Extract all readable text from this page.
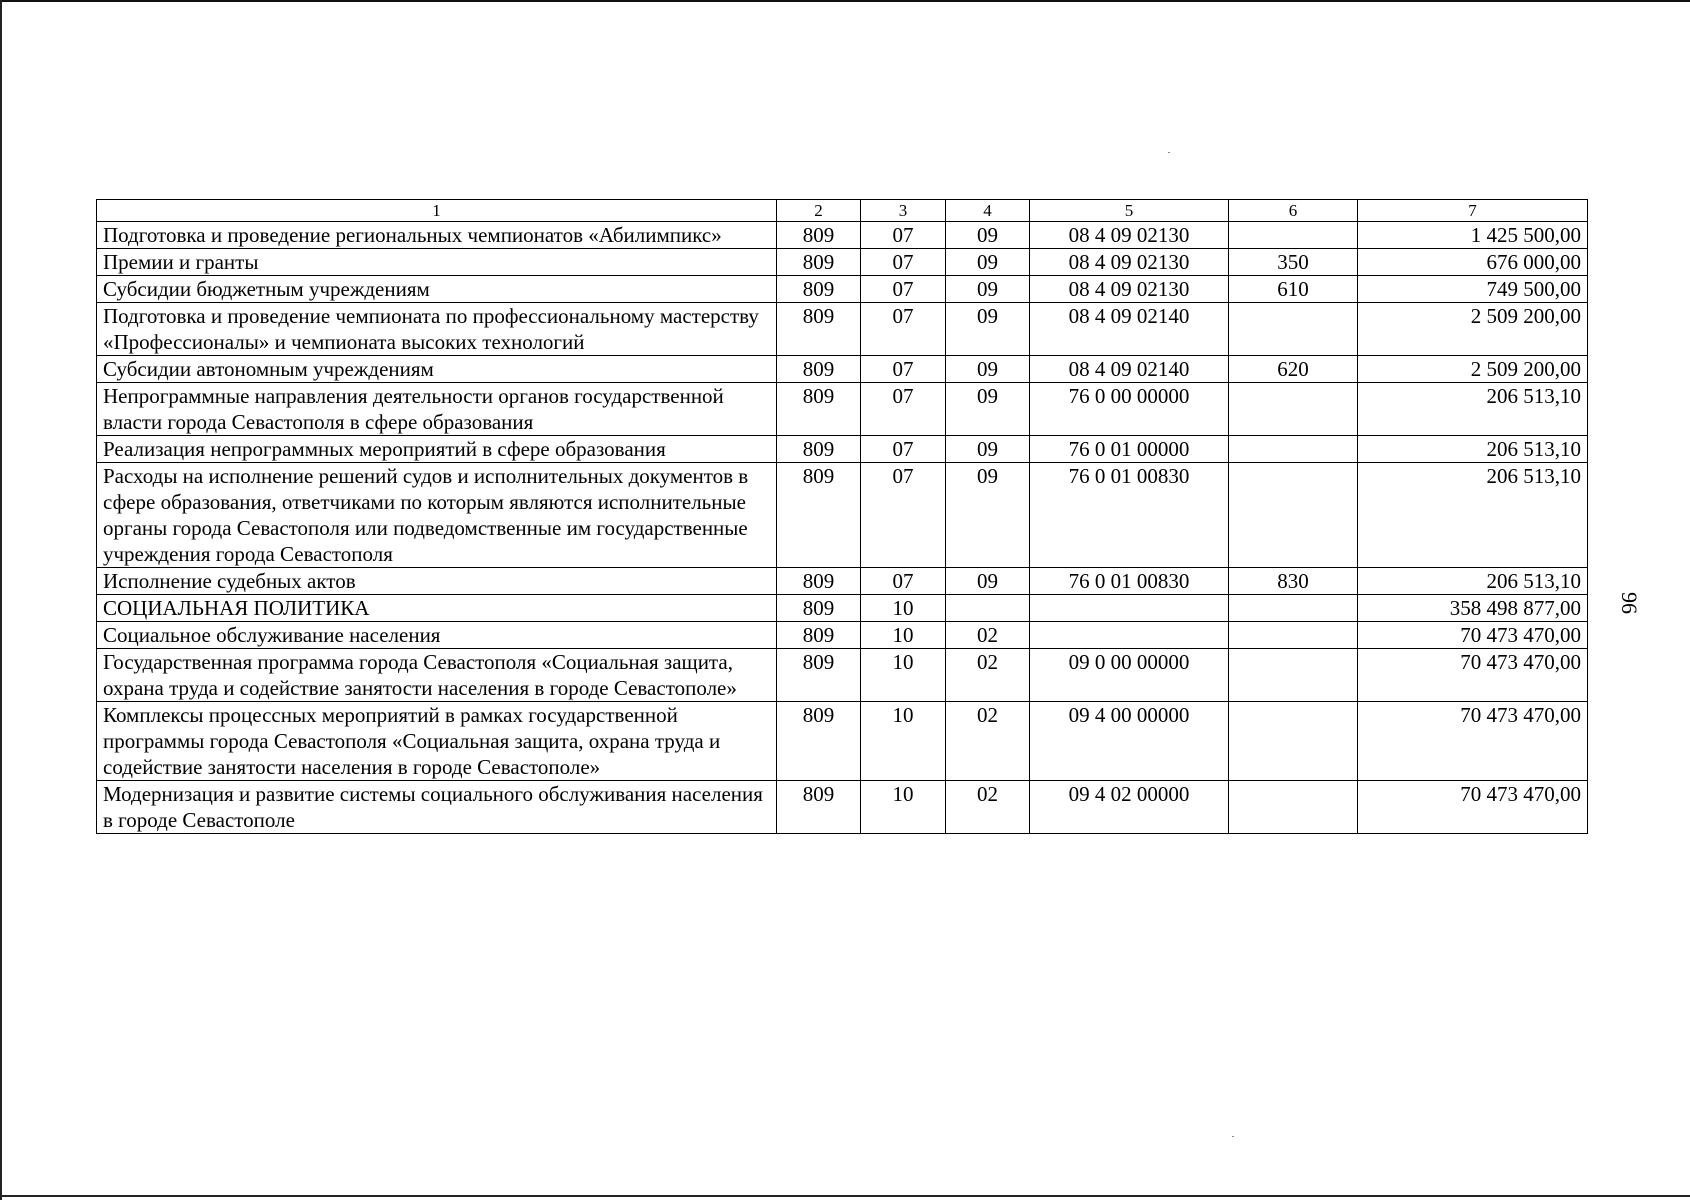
96
1	2	3	4	5	6	7
Подготовка и проведение региональных чемпионатов «Абилимпикс»	809	07	09	08 4 09 02130		1 425 500,00
Премии и гранты	809	07	09	08 4 09 02130	350	676 000,00
Субсидии бюджетным учреждениям	809	07	09	08 4 09 02130	610	749 500,00
Подготовка и проведение чемпионата по профессиональному мастерству «Профессионалы» и чемпионата высоких технологий	809	07	09	08 4 09 02140		2 509 200,00
Субсидии автономным учреждениям	809	07	09	08 4 09 02140	620	2 509 200,00
Непрограммные направления деятельности органов государственной власти города Севастополя в сфере образования	809	07	09	76 0 00 00000		206 513,10
Реализация непрограммных мероприятий в сфере образования	809	07	09	76 0 01 00000		206 513,10
Расходы на исполнение решений судов и исполнительных документов в сфере образования, ответчиками по которым являются исполнительные органы города Севастополя или подведомственные им государственные учреждения города Севастополя	809	07	09	76 0 01 00830		206 513,10
Исполнение судебных актов	809	07	09	76 0 01 00830	830	206 513,10
СОЦИАЛЬНАЯ ПОЛИТИКА	809	10				358 498 877,00
Социальное обслуживание населения	809	10	02			70 473 470,00
Государственная программа города Севастополя «Социальная защита, охрана труда и содействие занятости населения в городе Севастополе»	809	10	02	09 0 00 00000		70 473 470,00
Комплексы процессных мероприятий в рамках государственной программы города Севастополя «Социальная защита, охрана труда и содействие занятости населения в городе Севастополе»	809	10	02	09 4 00 00000		70 473 470,00
Модернизация и развитие системы социального обслуживания населения в городе Севастополе	809	10	02	09 4 02 00000		70 473 470,00
